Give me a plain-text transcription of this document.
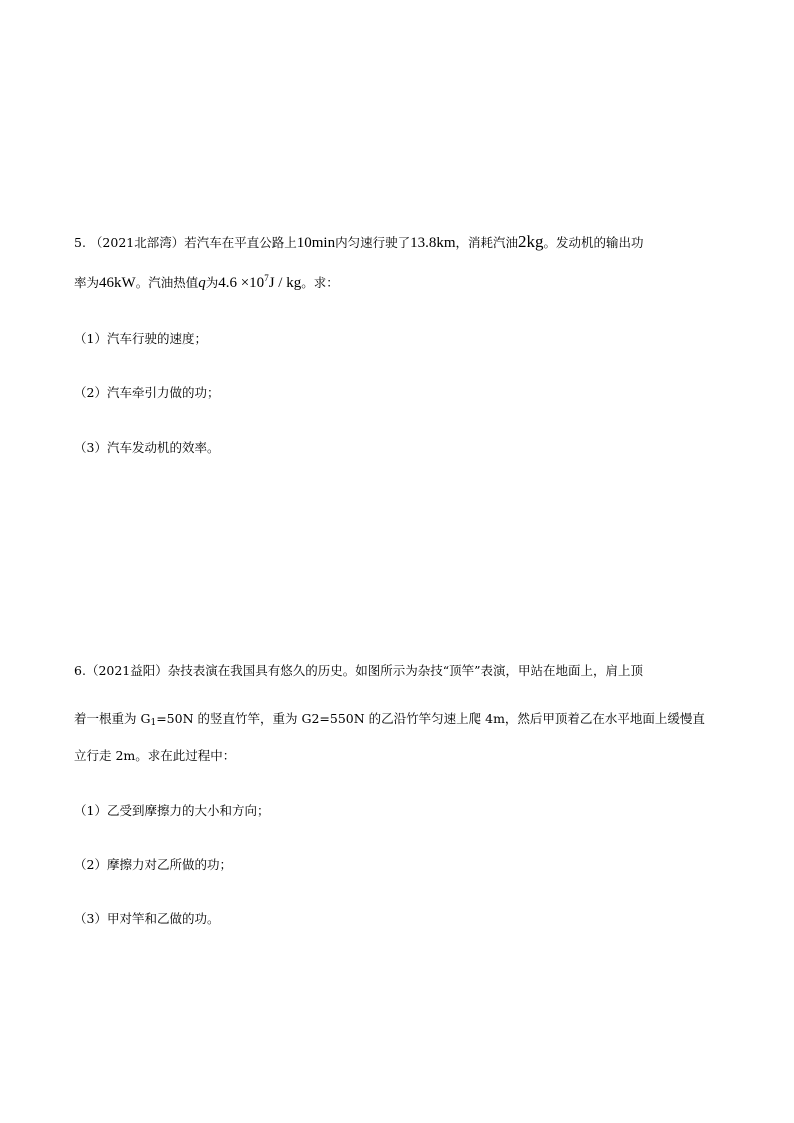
5. （2021北部湾）若汽车在平直公路上10min内匀速行驶了13.8km，消耗汽油2kg。发动机的输出功
率为46kW。汽油热值q为$4.6 \times 10^7J$ / kg。求：
（1）汽车行驶的速度；
（2）汽车牵引力做的功；
（3）汽车发动机的效率。
6.（2021益阳）杂技表演在我国具有悠久的历史。如图所示为杂技“顶竿”表演，甲站在地面上，肩上顶
着一根重为 $G_1=50N$ 的竖直竹竿，重为 G2=550N 的乙沿竹竿匀速上爬 4m，然后甲顶着乙在水平地面上缓慢直
立行走 2m。求在此过程中：
（1）乙受到摩擦力的大小和方向；
（2）摩擦力对乙所做的功；
（3）甲对竿和乙做的功。
